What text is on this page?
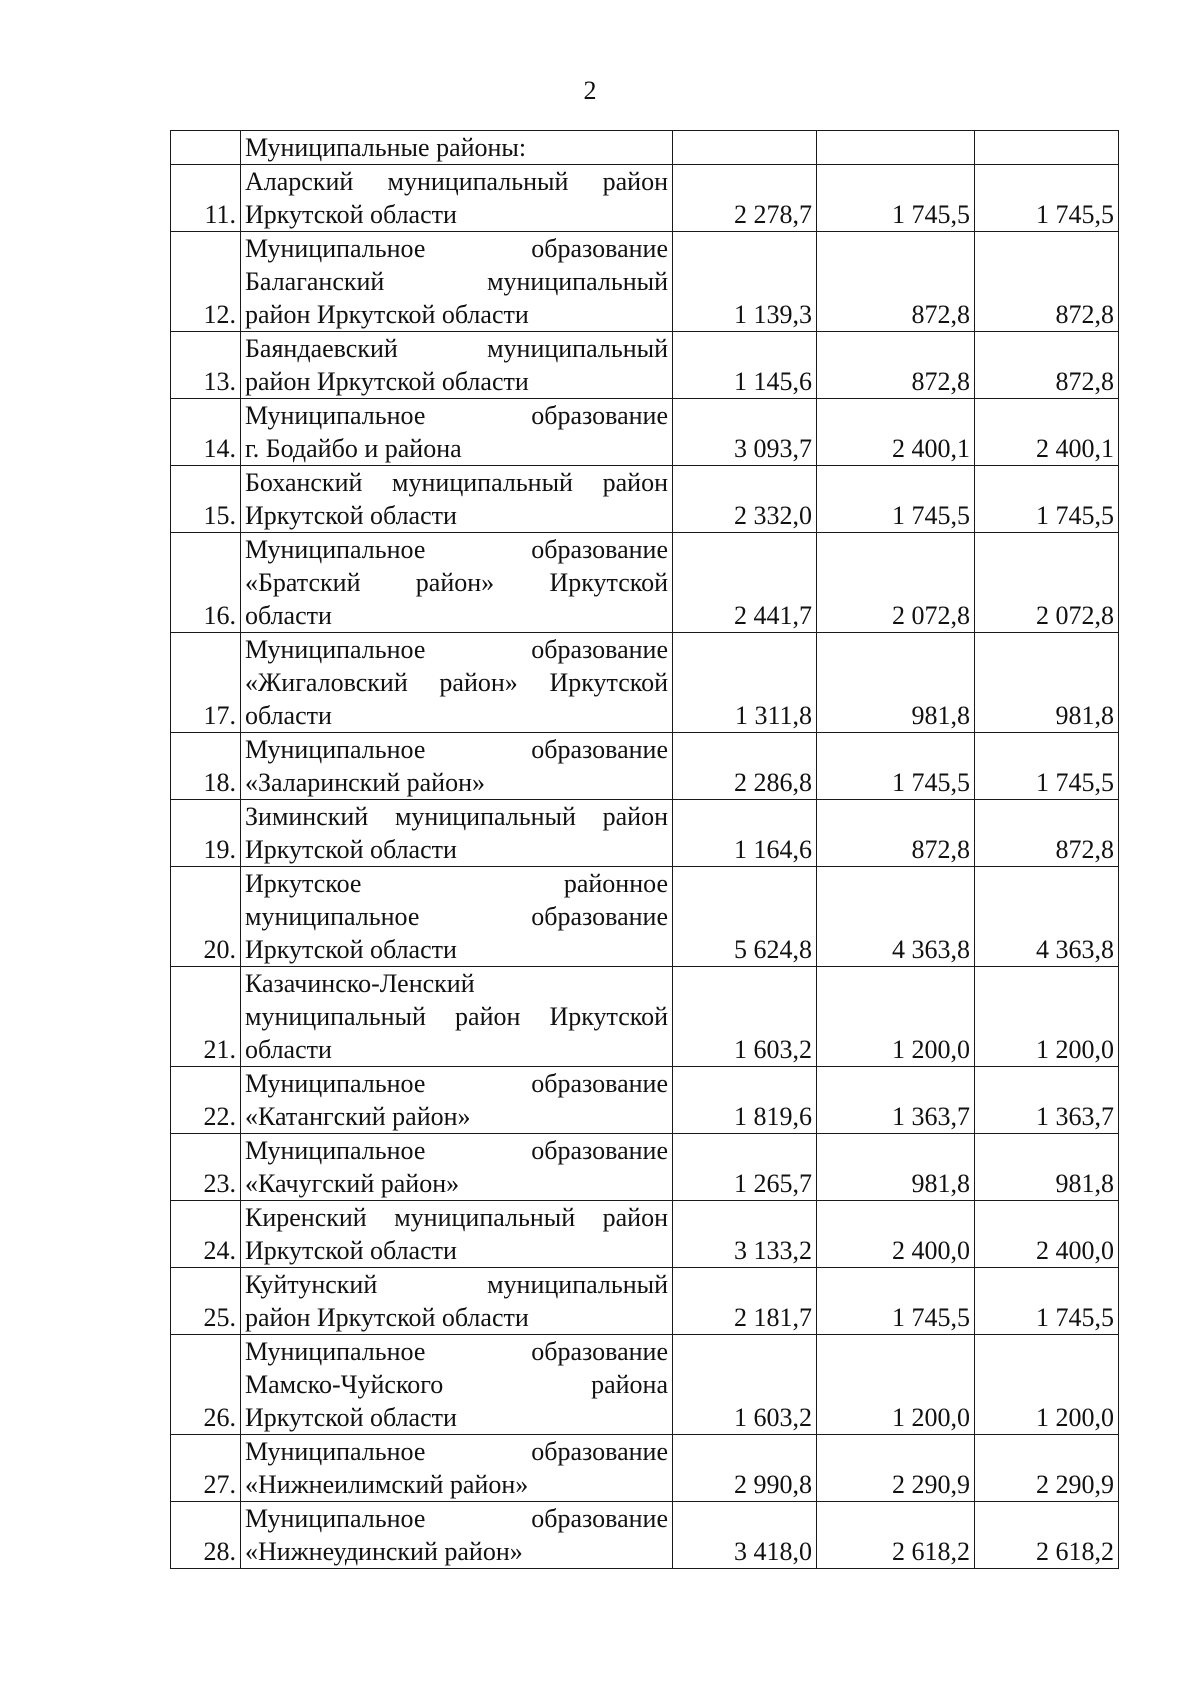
2
	Муниципальные районы:			
11.	Аларский муниципальный район
Иркутской области	2 278,7	1 745,5	1 745,5
12.	Муниципальное образование
Балаганский муниципальный
район Иркутской области	1 139,3	872,8	872,8
13.	Баяндаевский муниципальный
район Иркутской области	1 145,6	872,8	872,8
14.	Муниципальное образование
г. Бодайбо и района	3 093,7	2 400,1	2 400,1
15.	Боханский муниципальный район
Иркутской области	2 332,0	1 745,5	1 745,5
16.	Муниципальное образование
«Братский район» Иркутской
области	2 441,7	2 072,8	2 072,8
17.	Муниципальное образование
«Жигаловский район» Иркутской
области	1 311,8	981,8	981,8
18.	Муниципальное образование
«Заларинский район»	2 286,8	1 745,5	1 745,5
19.	Зиминский муниципальный район
Иркутской области	1 164,6	872,8	872,8
20.	Иркутское районное
муниципальное образование
Иркутской области	5 624,8	4 363,8	4 363,8
21.	Казачинско-Ленский
муниципальный район Иркутской
области	1 603,2	1 200,0	1 200,0
22.	Муниципальное образование
«Катангский район»	1 819,6	1 363,7	1 363,7
23.	Муниципальное образование
«Качугский район»	1 265,7	981,8	981,8
24.	Киренский муниципальный район
Иркутской области	3 133,2	2 400,0	2 400,0
25.	Куйтунский муниципальный
район Иркутской области	2 181,7	1 745,5	1 745,5
26.	Муниципальное образование
Мамско-Чуйского района
Иркутской области	1 603,2	1 200,0	1 200,0
27.	Муниципальное образование
«Нижнеилимский район»	2 990,8	2 290,9	2 290,9
28.	Муниципальное образование
«Нижнеудинский район»	3 418,0	2 618,2	2 618,2
